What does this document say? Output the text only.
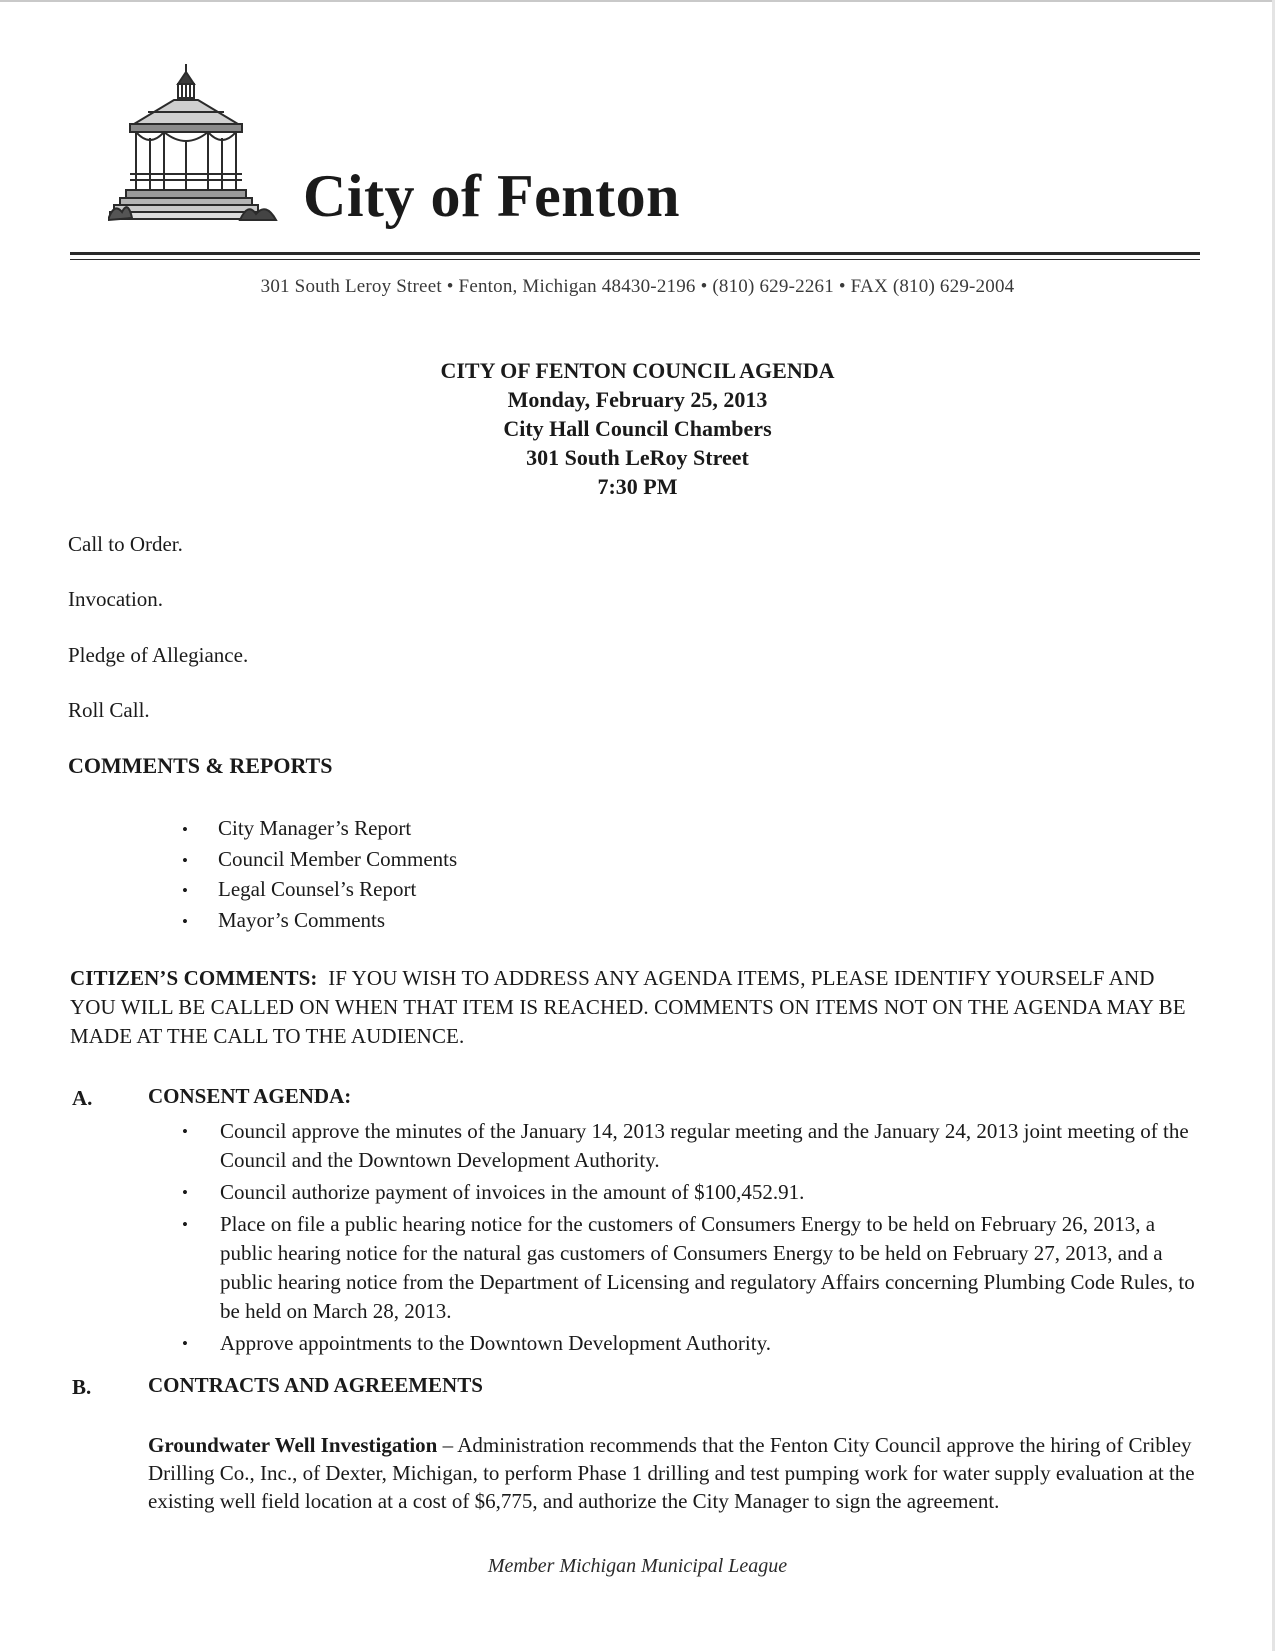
City of Fenton
301 South Leroy Street • Fenton, Michigan 48430-2196 • (810) 629-2261 • FAX (810) 629-2004
CITY OF FENTON COUNCIL AGENDA
Monday, February 25, 2013
City Hall Council Chambers
301 South LeRoy Street
7:30 PM
Call to Order.
Invocation.
Pledge of Allegiance.
Roll Call.
COMMENTS & REPORTS
• City Manager’s Report
• Council Member Comments
• Legal Counsel’s Report
• Mayor’s Comments
CITIZEN’S COMMENTS: IF YOU WISH TO ADDRESS ANY AGENDA ITEMS, PLEASE IDENTIFY YOURSELF AND YOU WILL BE CALLED ON WHEN THAT ITEM IS REACHED. COMMENTS ON ITEMS NOT ON THE AGENDA MAY BE MADE AT THE CALL TO THE AUDIENCE.
A.	CONSENT AGENDA:
• Council approve the minutes of the January 14, 2013 regular meeting and the January 24, 2013 joint meeting of the Council and the Downtown Development Authority.
• Council authorize payment of invoices in the amount of $100,452.91.
• Place on file a public hearing notice for the customers of Consumers Energy to be held on February 26, 2013, a public hearing notice for the natural gas customers of Consumers Energy to be held on February 27, 2013, and a public hearing notice from the Department of Licensing and regulatory Affairs concerning Plumbing Code Rules, to be held on March 28, 2013.
• Approve appointments to the Downtown Development Authority.
B.	CONTRACTS AND AGREEMENTS
Groundwater Well Investigation – Administration recommends that the Fenton City Council approve the hiring of Cribley Drilling Co., Inc., of Dexter, Michigan, to perform Phase 1 drilling and test pumping work for water supply evaluation at the existing well field location at a cost of $6,775, and authorize the City Manager to sign the agreement.
Member Michigan Municipal League
